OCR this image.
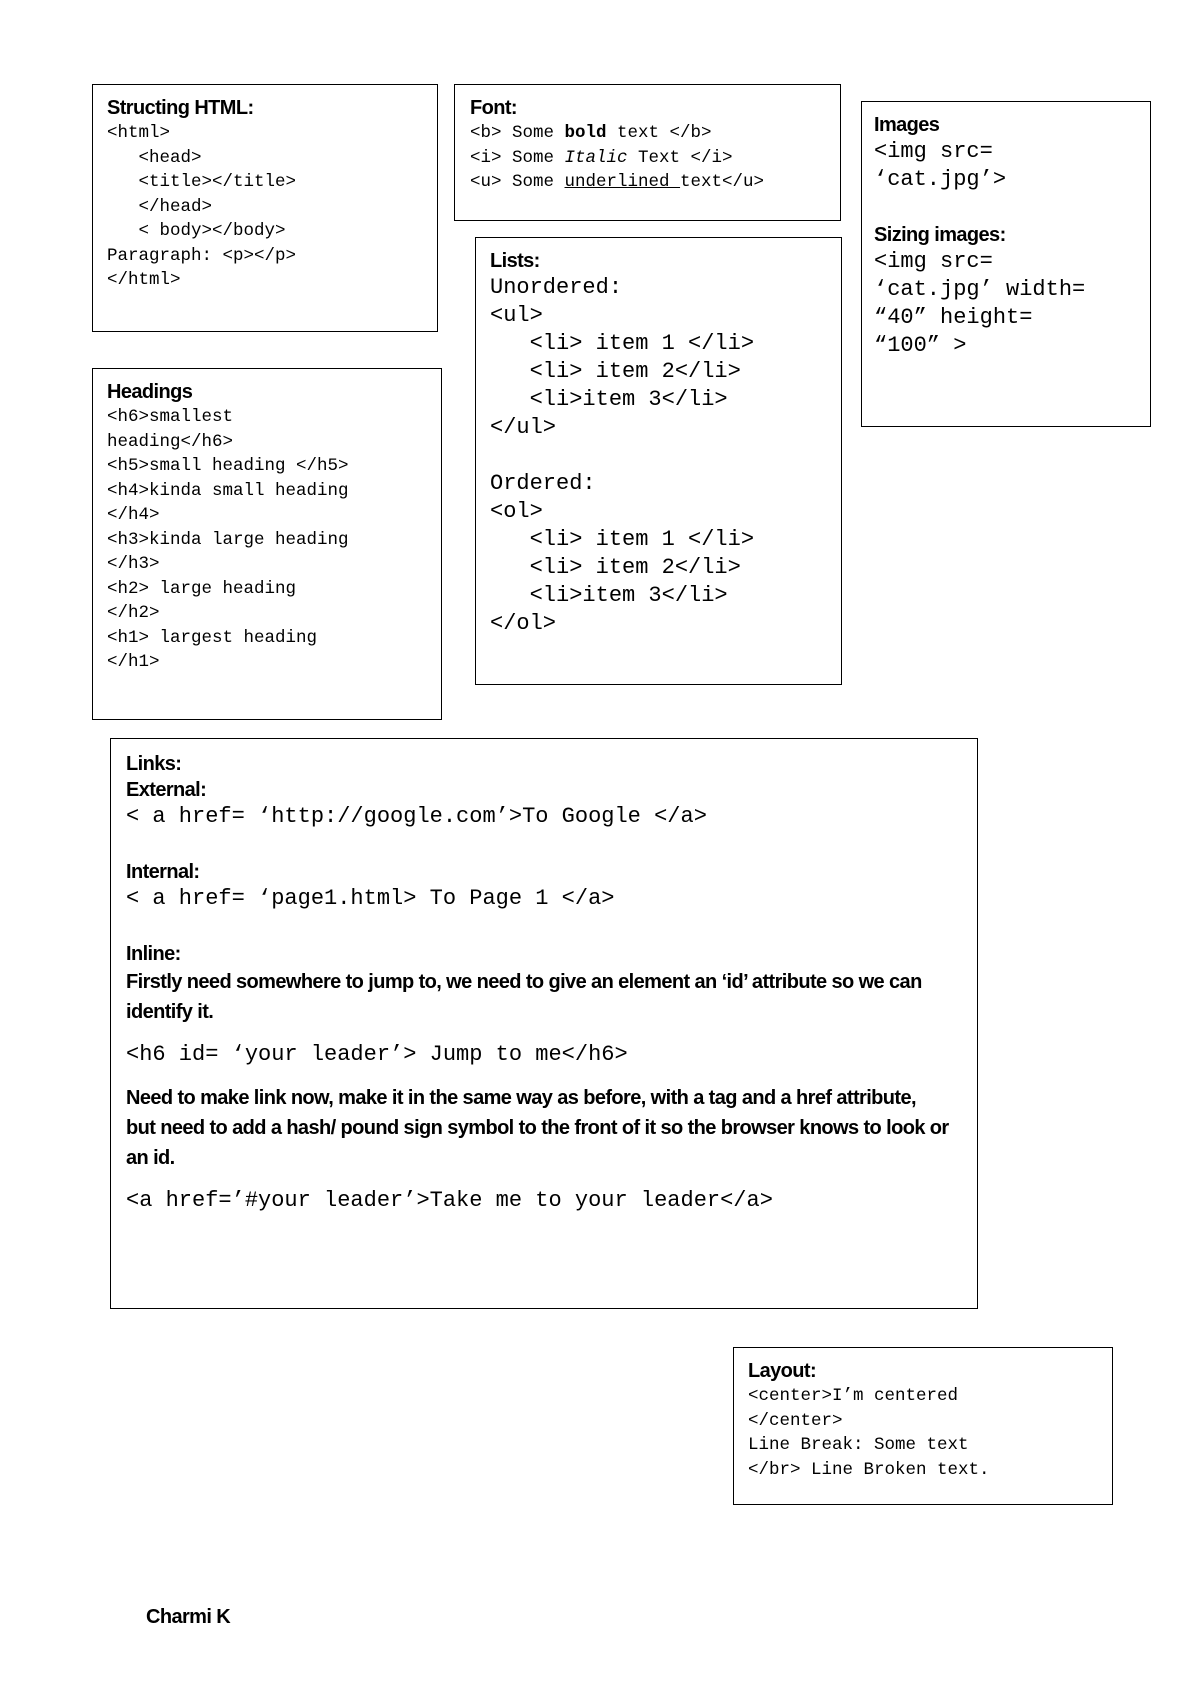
Structing HTML:
<html>
<head>
<title></title>
</head>
< body></body>
Paragraph: <p></p>
</html>
Font:
<b> Some bold text </b>
<i> Some Italic Text </i>
<u> Some underlined text</u>
Images
<img src=
‘cat.jpg’>
Sizing images:
<img src=
‘cat.jpg’ width=
“40” height=
“100” >
Lists:
Unordered:
<ul>
<li> item 1 </li>
<li> item 2</li>
<li>item 3</li>
</ul>
Ordered:
<ol>
<li> item 1 </li>
<li> item 2</li>
<li>item 3</li>
</ol>
Headings
<h6>smallest
heading</h6>
<h5>small heading </h5>
<h4>kinda small heading
</h4>
<h3>kinda large heading
</h3>
<h2> large heading
</h2>
<h1> largest heading
</h1>
Links:
External:
< a href= ‘http://google.com’>To Google </a>
Internal:
< a href= ‘page1.html> To Page 1 </a>
Inline:
Firstly need somewhere to jump to, we need to give an element an ‘id’ attribute so we can identify it.
<h6 id= ‘your leader’> Jump to me</h6>
Need to make link now, make it in the same way as before, with a tag and a href attribute, but need to add a hash/ pound sign symbol to the front of it so the browser knows to look or an id.
<a href=’#your leader’>Take me to your leader</a>
Layout:
<center>I’m centered
</center>
Line Break: Some text
</br> Line Broken text.
Charmi K
